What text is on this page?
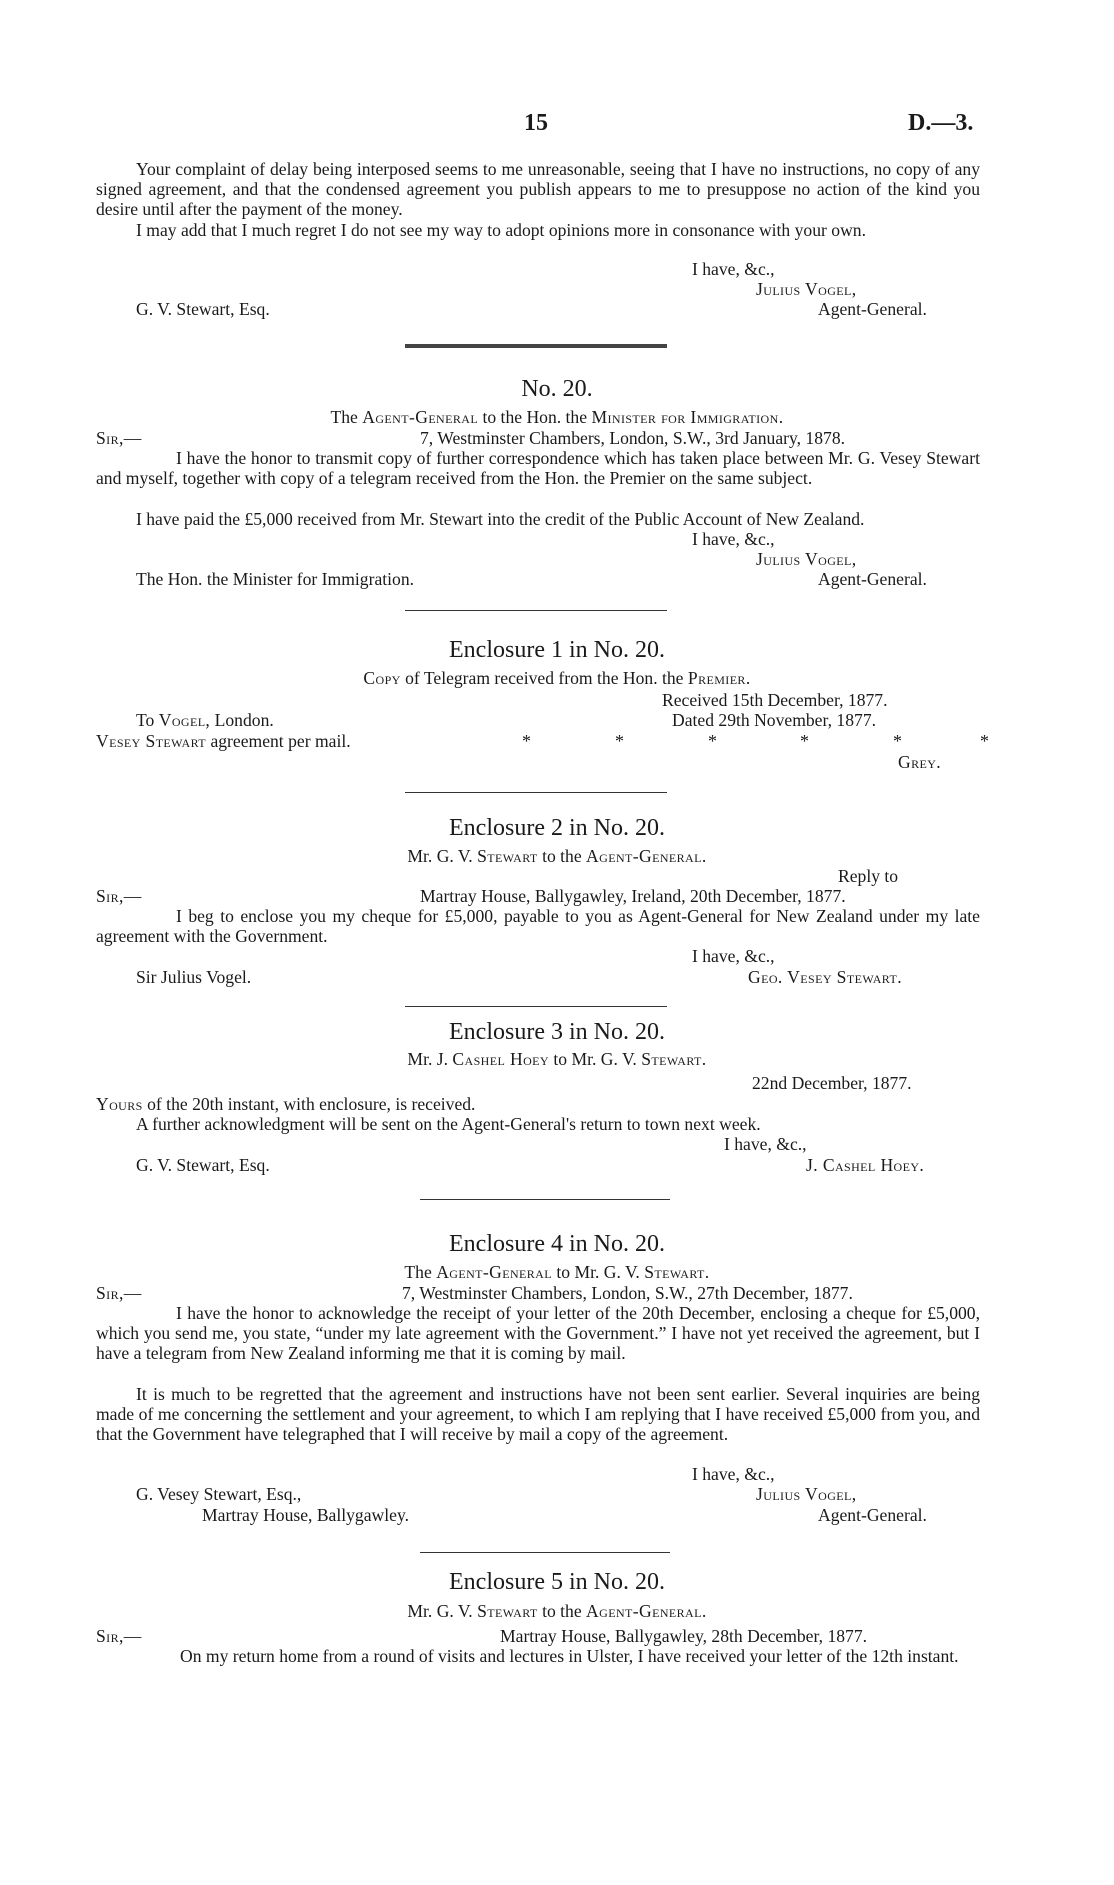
15	D.—3.
Your complaint of delay being interposed seems to me unreasonable, seeing that I have no instructions, no copy of any signed agreement, and that the condensed agreement you publish appears to me to presuppose no action of the kind you desire until after the payment of the money.
I may add that I much regret I do not see my way to adopt opinions more in consonance with your own.
I have, &c.,
Julius Vogel,
G. V. Stewart, Esq.	Agent-General.
No. 20.
The Agent-General to the Hon. the Minister for Immigration.
Sir,—	7, Westminster Chambers, London, S.W., 3rd January, 1878.
I have the honor to transmit copy of further correspondence which has taken place between Mr. G. Vesey Stewart and myself, together with copy of a telegram received from the Hon. the Premier on the same subject.
I have paid the £5,000 received from Mr. Stewart into the credit of the Public Account of New Zealand.
I have, &c.,
Julius Vogel,
The Hon. the Minister for Immigration.	Agent-General.
Enclosure 1 in No. 20.
Copy of Telegram received from the Hon. the Premier.
Received 15th December, 1877.
To Vogel, London.	Dated 29th November, 1877.
Vesey Stewart agreement per mail.	*	*	*	*	*	*
Grey.
Enclosure 2 in No. 20.
Mr. G. V. Stewart to the Agent-General.
Reply to
Sir,—	Martray House, Ballygawley, Ireland, 20th December, 1877.
I beg to enclose you my cheque for £5,000, payable to you as Agent-General for New Zealand under my late agreement with the Government.
I have, &c.,
Sir Julius Vogel.	Geo. Vesey Stewart.
Enclosure 3 in No. 20.
Mr. J. Cashel Hoey to Mr. G. V. Stewart.
22nd December, 1877.
Yours of the 20th instant, with enclosure, is received.
A further acknowledgment will be sent on the Agent-General's return to town next week.
I have, &c.,
G. V. Stewart, Esq.	J. Cashel Hoey.
Enclosure 4 in No. 20.
The Agent-General to Mr. G. V. Stewart.
Sir,—	7, Westminster Chambers, London, S.W., 27th December, 1877.
I have the honor to acknowledge the receipt of your letter of the 20th December, enclosing a cheque for £5,000, which you send me, you state, “under my late agreement with the Government.” I have not yet received the agreement, but I have a telegram from New Zealand informing me that it is coming by mail.
It is much to be regretted that the agreement and instructions have not been sent earlier. Several inquiries are being made of me concerning the settlement and your agreement, to which I am replying that I have received £5,000 from you, and that the Government have telegraphed that I will receive by mail a copy of the agreement.
I have, &c.,
G. Vesey Stewart, Esq.,	Julius Vogel,
Martray House, Ballygawley.	Agent-General.
Enclosure 5 in No. 20.
Mr. G. V. Stewart to the Agent-General.
Sir,—	Martray House, Ballygawley, 28th December, 1877.
On my return home from a round of visits and lectures in Ulster, I have received your letter of the 12th instant.
